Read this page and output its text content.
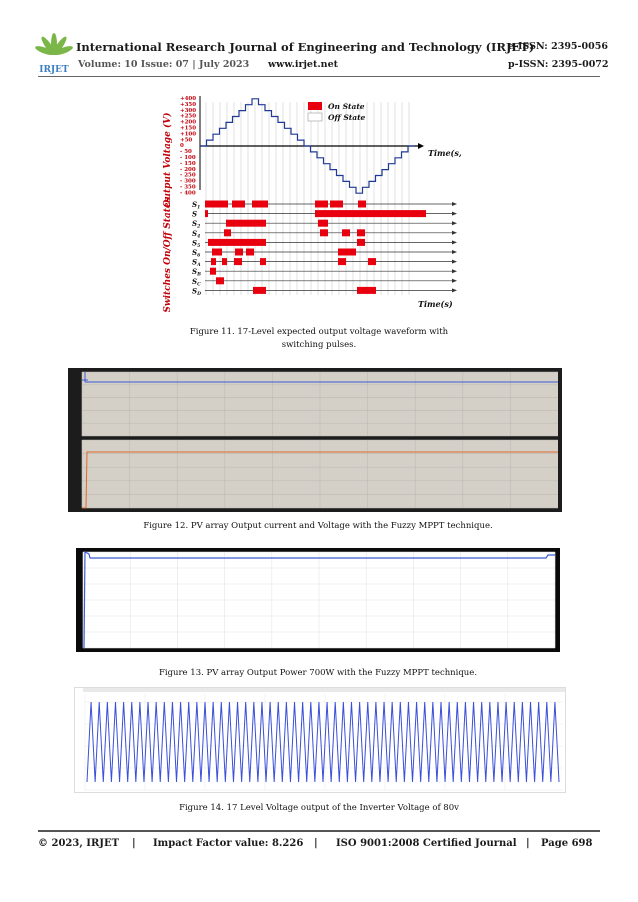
IRJET
International Research Journal of Engineering and Technology (IRJET)
e-ISSN: 2395-0056
Volume: 10 Issue: 07 | July 2023 www.irjet.net	p-ISSN: 2395-0072
Output Voltage (V)
Switches On/Off States
+400
+350
+300
+250
+200
+150
+100
+50
0
- 50
- 100
- 150
- 200
- 250
- 300
- 350
- 400
On State
Off State
Time(s,
$S_1$
S
$S_2$
$S_4$
$S_5$
$S_6$
$S_A$
$S_B$
$S_C$
$S_D$
Time(s)
Figure 11. 17-Level expected output voltage waveform with
switching pulses.
Figure 12. PV array Output current and Voltage with the Fuzzy MPPT technique.
Figure 13. PV array Output Power 700W with the Fuzzy MPPT technique.
Figure 14. 17 Level Voltage output of the Inverter Voltage of 80v
© 2023, IRJET | Impact Factor value: 8.226 | ISO 9001:2008 Certified Journal | Page 698
